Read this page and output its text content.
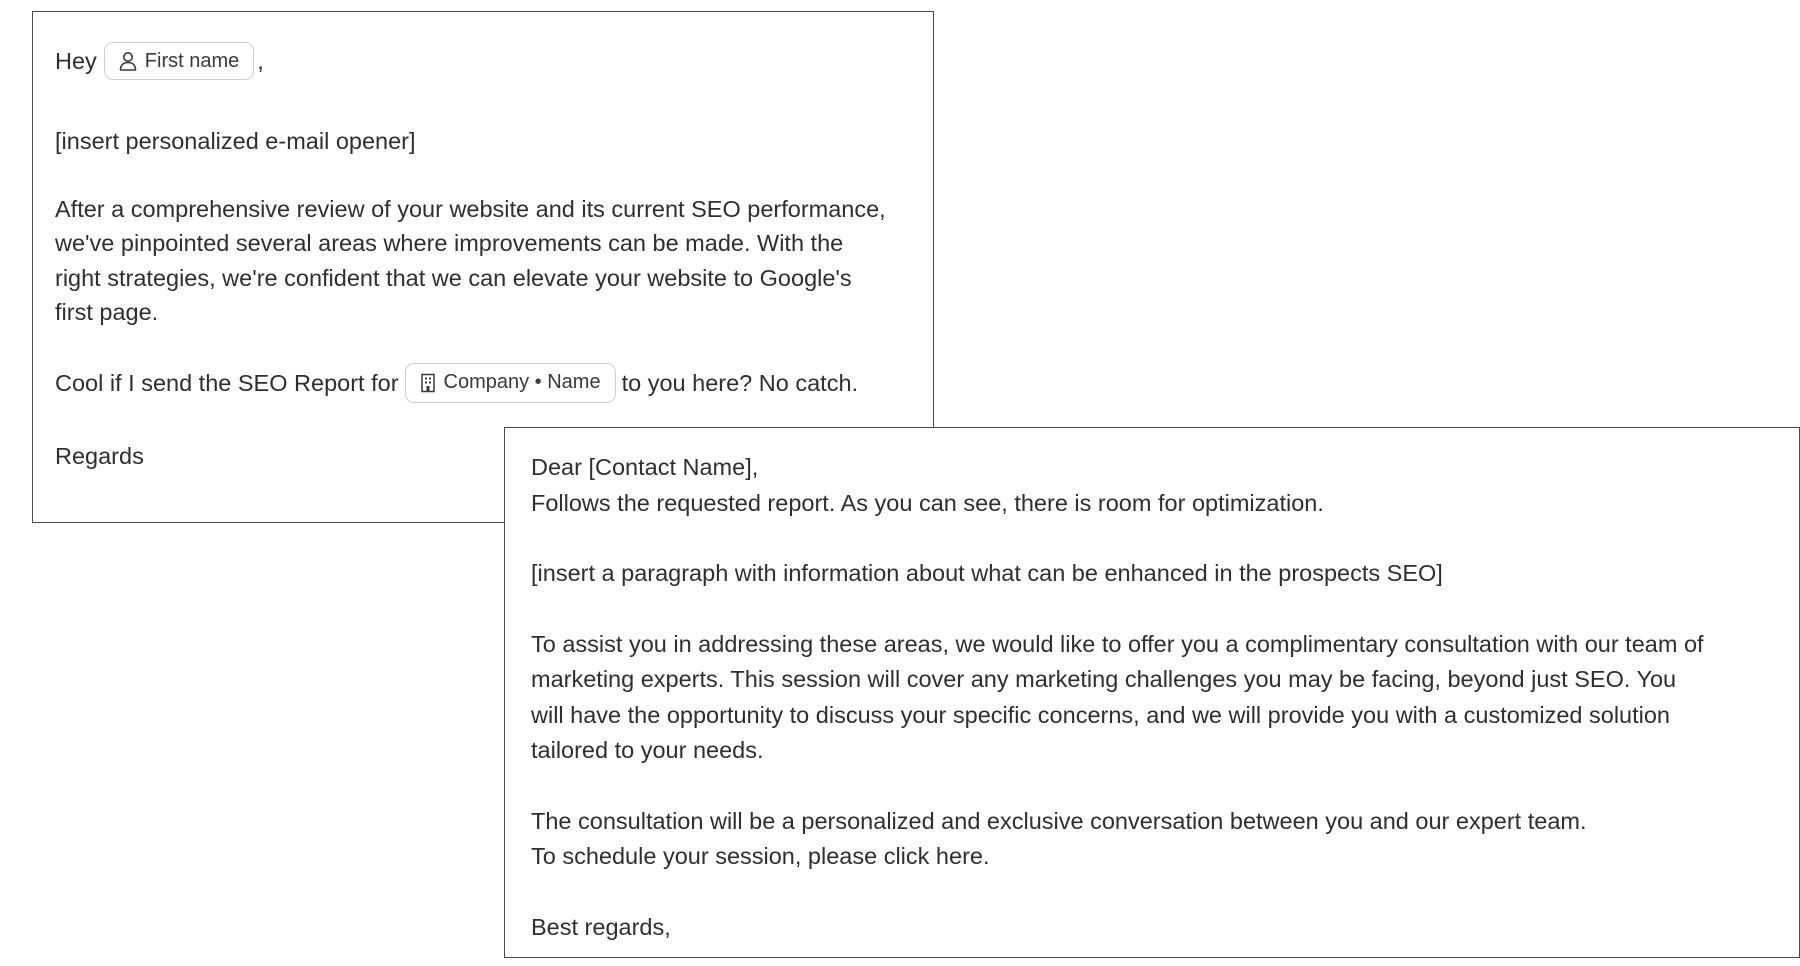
Hey First name ,
[insert personalized e-mail opener]
After a comprehensive review of your website and its current SEO performance,
we've pinpointed several areas where improvements can be made. With the
right strategies, we're confident that we can elevate your website to Google's
first page.
Cool if I send the SEO Report for Company • Name to you here? No catch.
Regards	Dear [Contact Name],
Follows the requested report. As you can see, there is room for optimization.
[insert a paragraph with information about what can be enhanced in the prospects SEO]
To assist you in addressing these areas, we would like to offer you a complimentary consultation with our team of
marketing experts. This session will cover any marketing challenges you may be facing, beyond just SEO. You
will have the opportunity to discuss your specific concerns, and we will provide you with a customized solution
tailored to your needs.
The consultation will be a personalized and exclusive conversation between you and our expert team.
To schedule your session, please click here.
Best regards,
